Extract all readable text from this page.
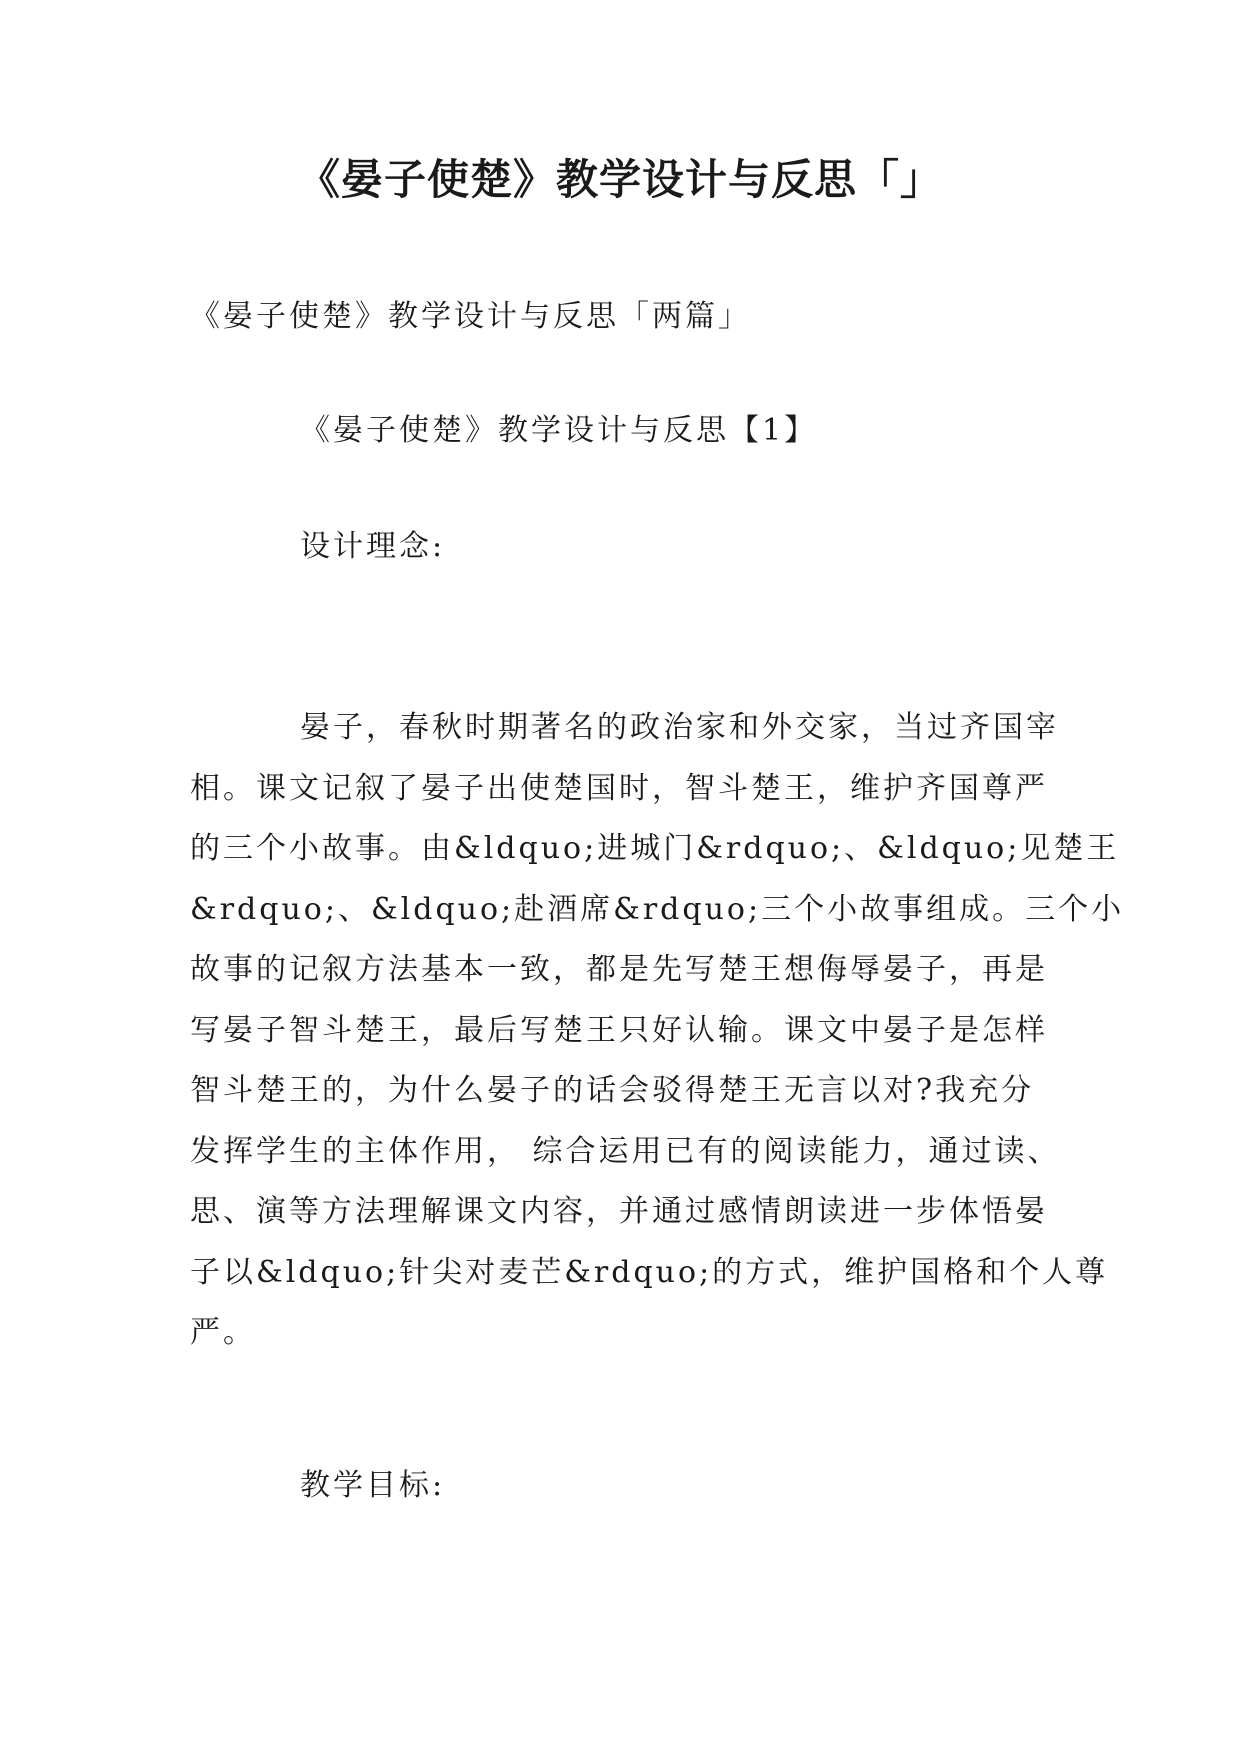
《晏子使楚》教学设计与反思「」
《晏子使楚》教学设计与反思「两篇」
《晏子使楚》教学设计与反思【1】
设计理念:
晏子，春秋时期著名的政治家和外交家，当过齐国宰
相。课文记叙了晏子出使楚国时，智斗楚王，维护齐国尊严
的三个小故事。由&ldquo;进城门&rdquo;、&ldquo;见楚王
&rdquo;、&ldquo;赴酒席&rdquo;三个小故事组成。三个小
故事的记叙方法基本一致，都是先写楚王想侮辱晏子，再是
写晏子智斗楚王，最后写楚王只好认输。课文中晏子是怎样
智斗楚王的，为什么晏子的话会驳得楚王无言以对?我充分
发挥学生的主体作用， 综合运用已有的阅读能力，通过读、
思、演等方法理解课文内容，并通过感情朗读进一步体悟晏
子以&ldquo;针尖对麦芒&rdquo;的方式，维护国格和个人尊
严。
教学目标:
